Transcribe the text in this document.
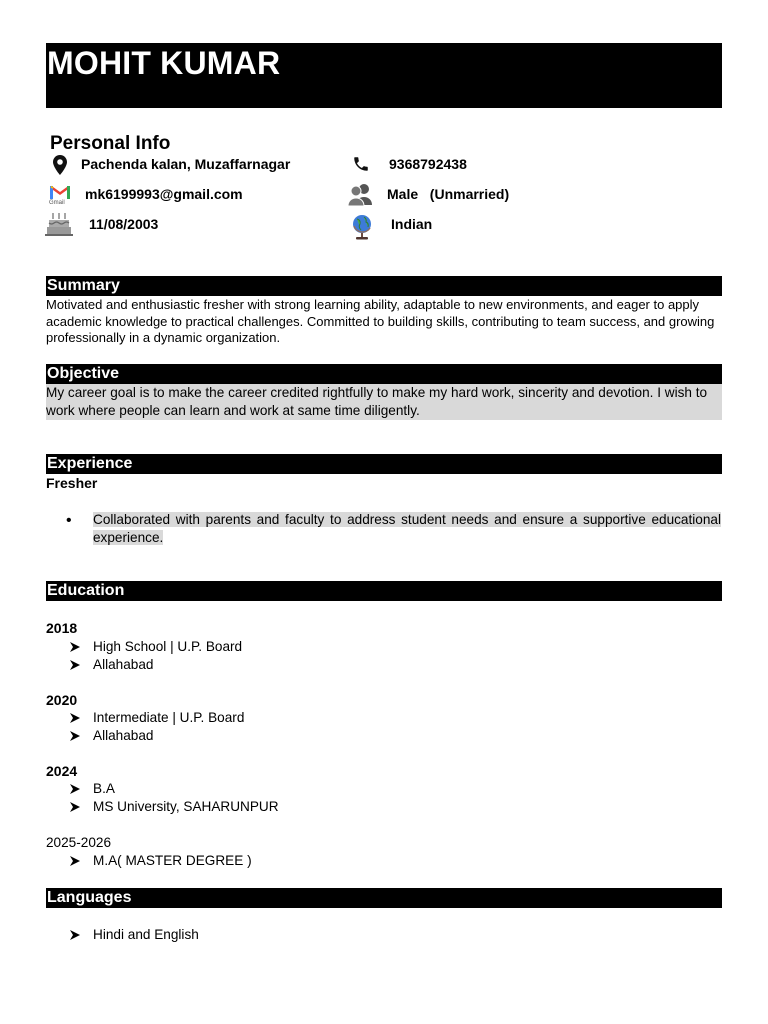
MOHIT KUMAR
Personal Info
Pachenda kalan, Muzaffarnagar	9368792438
Gmail
mk6199993@gmail.com	Male   (Unmarried)
11/08/2003	Indian
Summary
Motivated and enthusiastic fresher with strong learning ability, adaptable to new environments, and eager to apply academic knowledge to practical challenges. Committed to building skills, contributing to team success, and growing professionally in a dynamic organization.
Objective
My career goal is to make the career credited rightfully to make my hard work, sincerity and devotion. I wish to work where people can learn and work at same time diligently.
Experience
Fresher
• Collaborated with parents and faculty to address student needs and ensure a supportive educational experience.
Education
2018
High School | U.P. Board
Allahabad
2020
Intermediate | U.P. Board
Allahabad
2024
B.A
MS University, SAHARUNPUR
2025-2026
M.A( MASTER DEGREE )
Languages
Hindi and English
